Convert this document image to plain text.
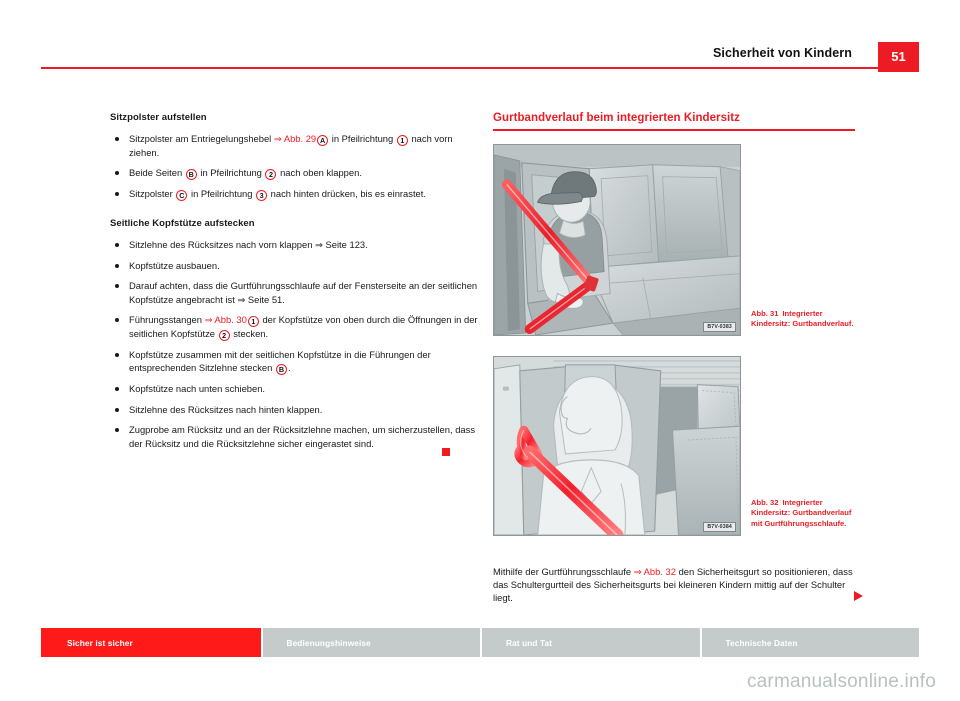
Sicherheit von Kindern	51
Sitzpolster aufstellen
Sitzpolster am Entriegelungshebel ⇒ Abb. 29 A in Pfeilrichtung 1 nach vorn ziehen.
Beide Seiten B in Pfeilrichtung 2 nach oben klappen.
Sitzpolster C in Pfeilrichtung 3 nach hinten drücken, bis es einrastet.
Seitliche Kopfstütze aufstecken
Sitzlehne des Rücksitzes nach vorn klappen ⇒ Seite 123.
Kopfstütze ausbauen.
Darauf achten, dass die Gurtführungsschlaufe auf der Fensterseite an der seitlichen Kopfstütze angebracht ist ⇒ Seite 51.
Führungsstangen ⇒ Abb. 30 1 der Kopfstütze von oben durch die Öffnungen in der seitlichen Kopfstütze 2 stecken.
Kopfstütze zusammen mit der seitlichen Kopfstütze in die Führungen der entsprechenden Sitzlehne stecken B .
Kopfstütze nach unten schieben.
Sitzlehne des Rücksitzes nach hinten klappen.
Zugprobe am Rücksitz und an der Rücksitzlehne machen, um sicherzustellen, dass der Rücksitz und die Rücksitzlehne sicher eingerastet sind.
Gurtbandverlauf beim integrierten Kindersitz
B7V-0383
Abb. 31 Integrierter Kindersitz: Gurtbandverlauf.
B7V-0384
Abb. 32 Integrierter Kindersitz: Gurtbandverlauf mit Gurtführungsschlaufe.
Mithilfe der Gurtführungsschlaufe ⇒ Abb. 32 den Sicherheitsgurt so positionieren, dass das Schultergurtteil des Sicherheitsgurts bei kleineren Kindern mittig auf der Schulter liegt.
Sicher ist sicher	Bedienungshinweise	Rat und Tat	Technische Daten
carmanualsonline.info
